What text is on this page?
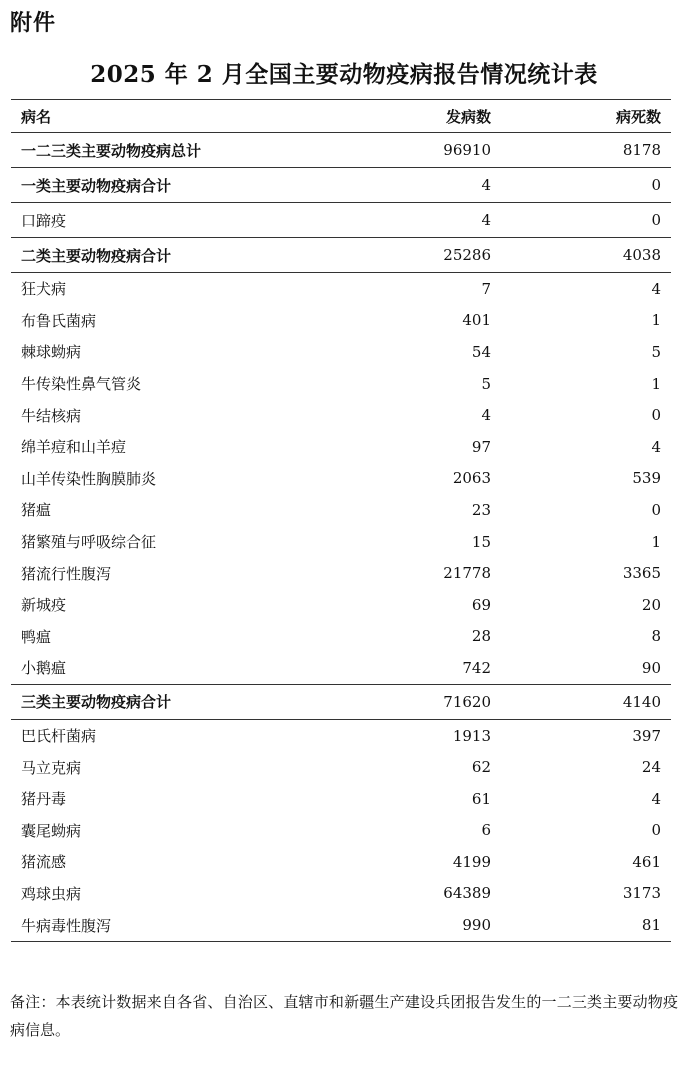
附件
2025 年 2 月全国主要动物疫病报告情况统计表
病名	发病数	病死数
一二三类主要动物疫病总计	96910	8178
一类主要动物疫病合计	4	0
口蹄疫	4	0
二类主要动物疫病合计	25286	4038
狂犬病	7	4
布鲁氏菌病	401	1
棘球蚴病	54	5
牛传染性鼻气管炎	5	1
牛结核病	4	0
绵羊痘和山羊痘	97	4
山羊传染性胸膜肺炎	2063	539
猪瘟	23	0
猪繁殖与呼吸综合征	15	1
猪流行性腹泻	21778	3365
新城疫	69	20
鸭瘟	28	8
小鹅瘟	742	90
三类主要动物疫病合计	71620	4140
巴氏杆菌病	1913	397
马立克病	62	24
猪丹毒	61	4
囊尾蚴病	6	0
猪流感	4199	461
鸡球虫病	64389	3173
牛病毒性腹泻	990	81
备注：本表统计数据来自各省、自治区、直辖市和新疆生产建设兵团报告发生的一二三类主要动物疫病信息。
